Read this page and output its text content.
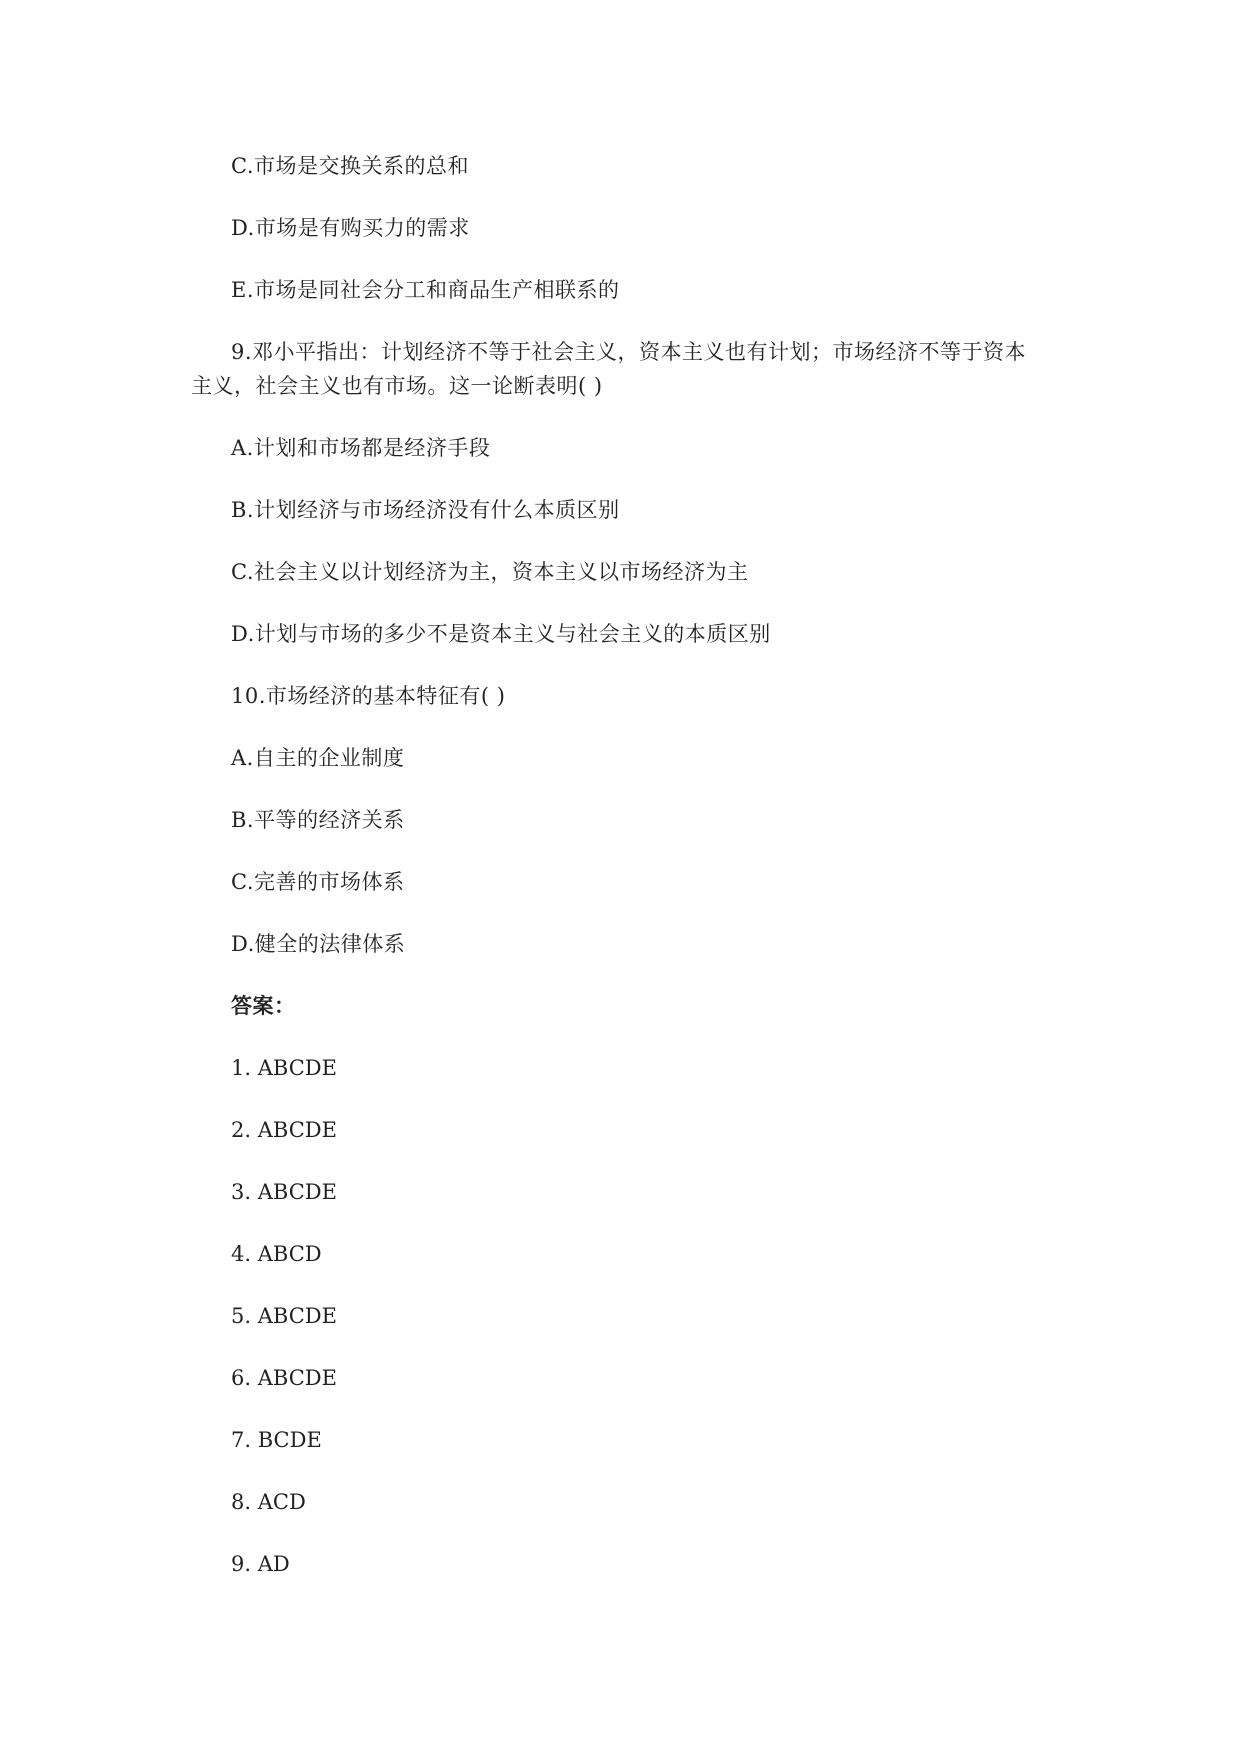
C.市场是交换关系的总和
D.市场是有购买力的需求
E.市场是同社会分工和商品生产相联系的
9.邓小平指出：计划经济不等于社会主义，资本主义也有计划；市场经济不等于资本
主义，社会主义也有市场。这一论断表明( )
A.计划和市场都是经济手段
B.计划经济与市场经济没有什么本质区别
C.社会主义以计划经济为主，资本主义以市场经济为主
D.计划与市场的多少不是资本主义与社会主义的本质区别
10.市场经济的基本特征有( )
A.自主的企业制度
B.平等的经济关系
C.完善的市场体系
D.健全的法律体系
答案：
1. ABCDE
2. ABCDE
3. ABCDE
4. ABCD
5. ABCDE
6. ABCDE
7. BCDE
8. ACD
9. AD
